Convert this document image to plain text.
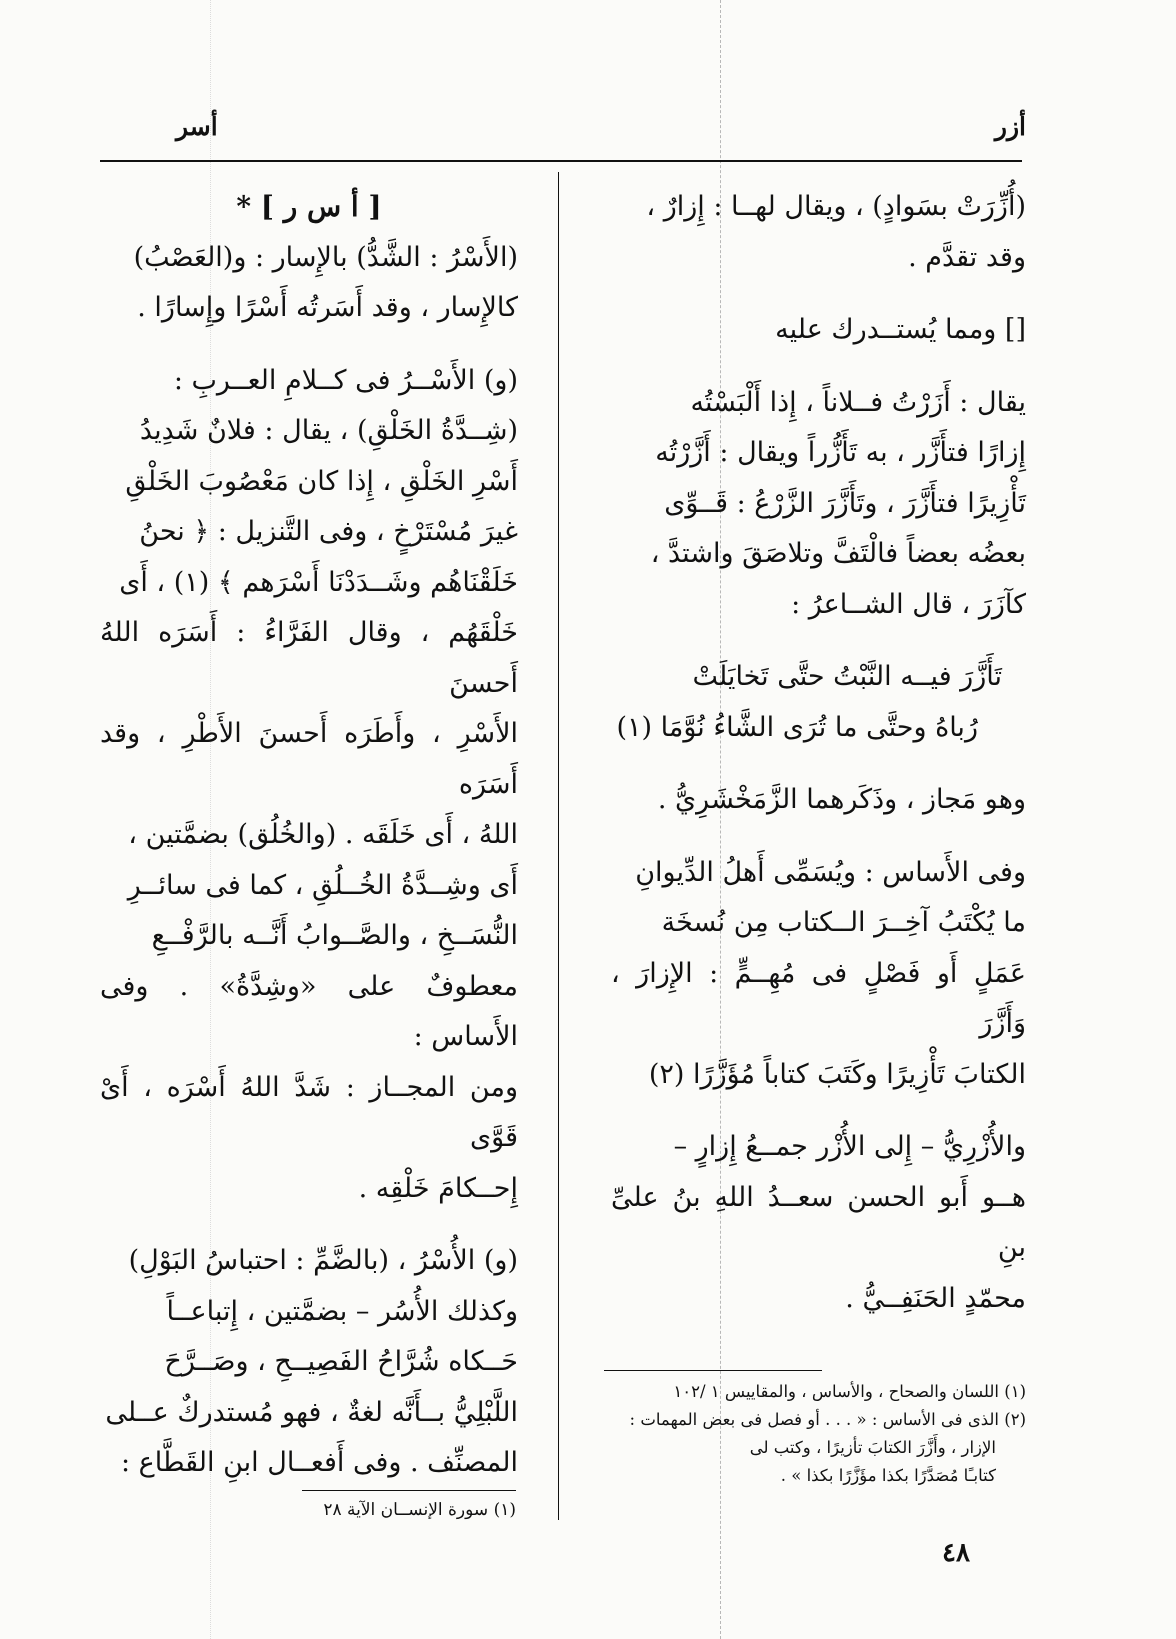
أزر
أسر

(أُزِّرَتْ بسَوادٍ) ، ويقال لهــا : إِزارٌ ،

وقد تقدَّم .

[] ومما يُستــدرك عليه

يقال : أَزَرْتُ فــلاناً ، إِذا أَلْبَسْتُه

إِزارًا فتأَزَّر ، به تَأَزُّراً ويقال : أَزَّرْتُه

تَأْزِيرًا فتأَزَّرَ ، وتَأَزَّرَ الزَّرْعُ : قَــوِّى

بعضُه بعضاً فالْتَفَّ وتلاصَقَ واشتدَّ ،

كآزَرَ ، قال الشــاعرُ :

تَأَزَّرَ فيــه النَّبْتُ حتَّى تَخايَلَتْ

رُباهُ وحتَّى ما تُرَى الشَّاءُ نُوَّمَا (١)

وهو مَجاز ، وذَكَرهما الزَّمَخْشَرِيُّ .

وفى الأَساس : ويُسَمِّى أَهلُ الدِّيوانِ

ما يُكْتَبُ آخِــرَ الــكتاب مِن نُسخَة

عَمَلٍ أَو فَصْلٍ فى مُهِــمٍّ : الإِزارَ ، وَأَزَّرَ

الكتابَ تَأْزِيرًا وكَتَبَ كتاباً مُؤَزَّرًا (٢)

والأُزْرِيُّ – إِلى الأُزْر جمــعُ إِزارٍ –

هــو أَبو الحسن سعــدُ اللهِ بنُ علىِّ بنِ

محمّدٍ الحَنَفِــيُّ .

(١) اللسان والصحاح ، والأساس ، والمقاييس ١ /١٠٢
(٢) الذى فى الأساس : « . . . أو فصل فى بعض المهمات :
الإزار ، وأَزَّرَ الكتابَ تأزيرًا ، وكتب لى
كتابـًا مُصَدَّرًا بكذا مؤَزَّرًا بكذا » .

[ أ س ر ] *

(الأَسْرُ : الشَّدُّ) بالإِسار : و(العَصْبُ)

كالإِسار ، وقد أَسَرتُه أَسْرًا وإِسارًا .

(و) الأَسْــرُ فى كــلامِ العــربِ :

(شِــدَّةُ الخَلْقِ) ، يقال : فلانٌ شَدِيدُ

أَسْرِ الخَلْقِ ، إِذا كان مَعْصُوبَ الخَلْقِ

غيرَ مُسْتَرْخٍ ، وفى التَّنزيل : ﴿ نحنُ

خَلَقْنَاهُم وشَــدَدْنَا أَسْرَهم ﴾ (١) ، أَى

خَلْقَهُم ، وقال الفَرَّاءُ : أَسَرَه اللهُ أَحسنَ

الأَسْرِ ، وأَطَرَه أَحسنَ الأَطْرِ ، وقد أَسَرَه

اللهُ ، أَى خَلَقَه . (والخُلُق) بضمَّتين ،

أَى وشِــدَّةُ الخُــلُقِ ، كما فى سائــرِ

النُّسَــخِ ، والصَّــوابُ أَنَّــه بالرَّفْــعِ

معطوفٌ على «وشِدَّةُ» . وفى الأَساس :

ومن المجــاز : شَدَّ اللهُ أَسْرَه ، أَىْ قَوَّى

إِحــكامَ خَلْقِه .

(و) الأُسْرُ ، (بالضَّمِّ : احتباسُ البَوْلِ)

وكذلك الأُسُر – بضمَّتين ، إِتباعــاً

حَــكاه شُرَّاحُ الفَصِيــحِ ، وصَــرَّحَ

اللَّبْلِيُّ بــأَنَّه لغةٌ ، فهو مُستدركٌ عــلى

المصنِّف . وفى أَفعــال ابنِ القَطَّاع :

(١) سورة الإنســان الآية ٢٨
٤٨
